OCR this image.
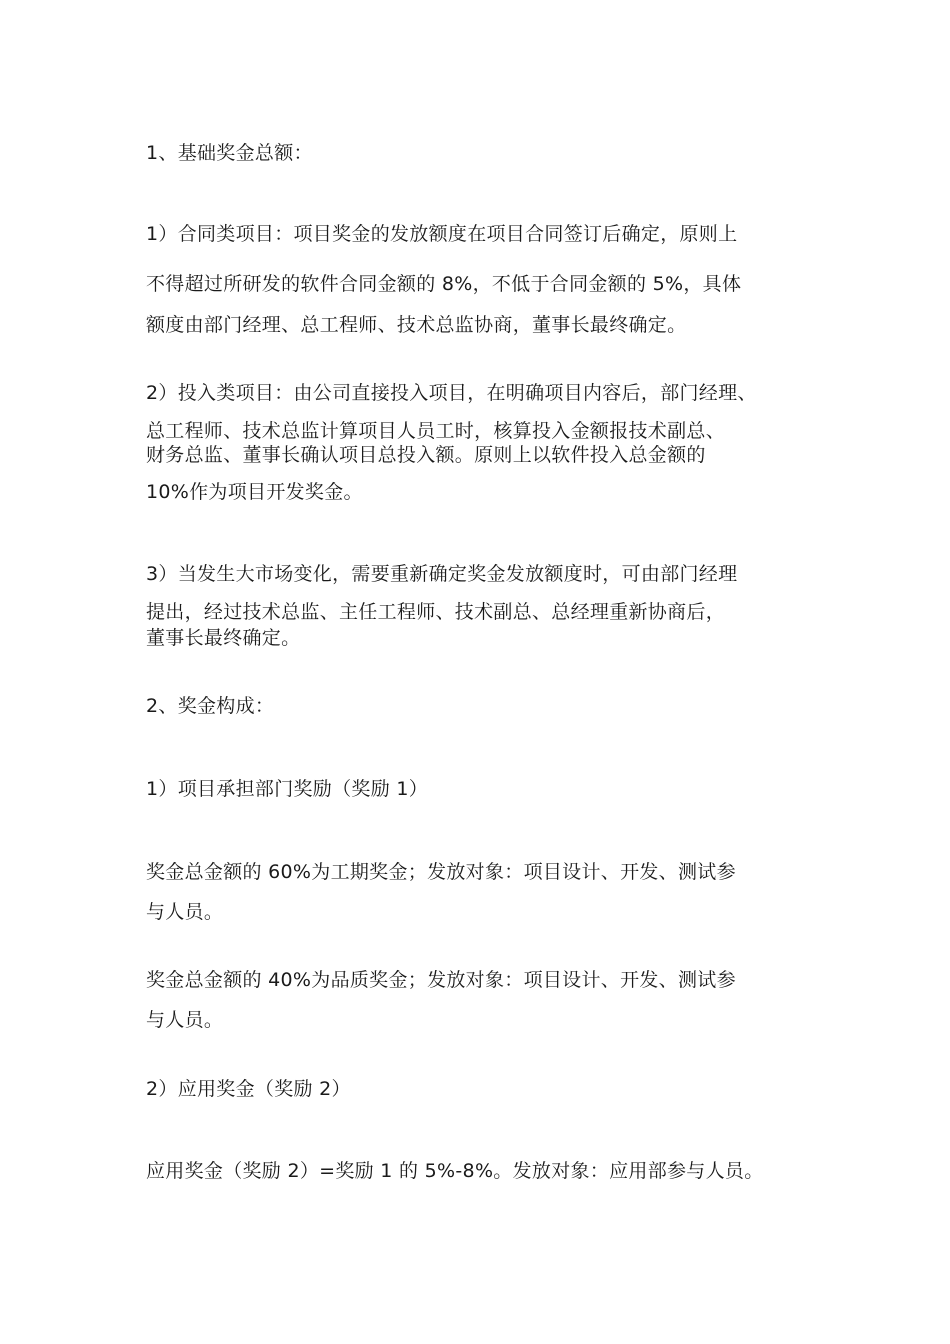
1、基础奖金总额：
1）合同类项目：项目奖金的发放额度在项目合同签订后确定，原则上
不得超过所研发的软件合同金额的 8%，不低于合同金额的 5%，具体
额度由部门经理、总工程师、技术总监协商，董事长最终确定。
2）投入类项目：由公司直接投入项目，在明确项目内容后，部门经理、
总工程师、技术总监计算项目人员工时，核算投入金额报技术副总、
财务总监、董事长确认项目总投入额。原则上以软件投入总金额的
10%作为项目开发奖金。
3）当发生大市场变化，需要重新确定奖金发放额度时，可由部门经理
提出，经过技术总监、主任工程师、技术副总、总经理重新协商后，
董事长最终确定。
2、奖金构成：
1）项目承担部门奖励（奖励 1）
奖金总金额的 60%为工期奖金；发放对象：项目设计、开发、测试参
与人员。
奖金总金额的 40%为品质奖金；发放对象：项目设计、开发、测试参
与人员。
2）应用奖金（奖励 2）
应用奖金（奖励 2）=奖励 1 的 5%-8%。发放对象：应用部参与人员。
